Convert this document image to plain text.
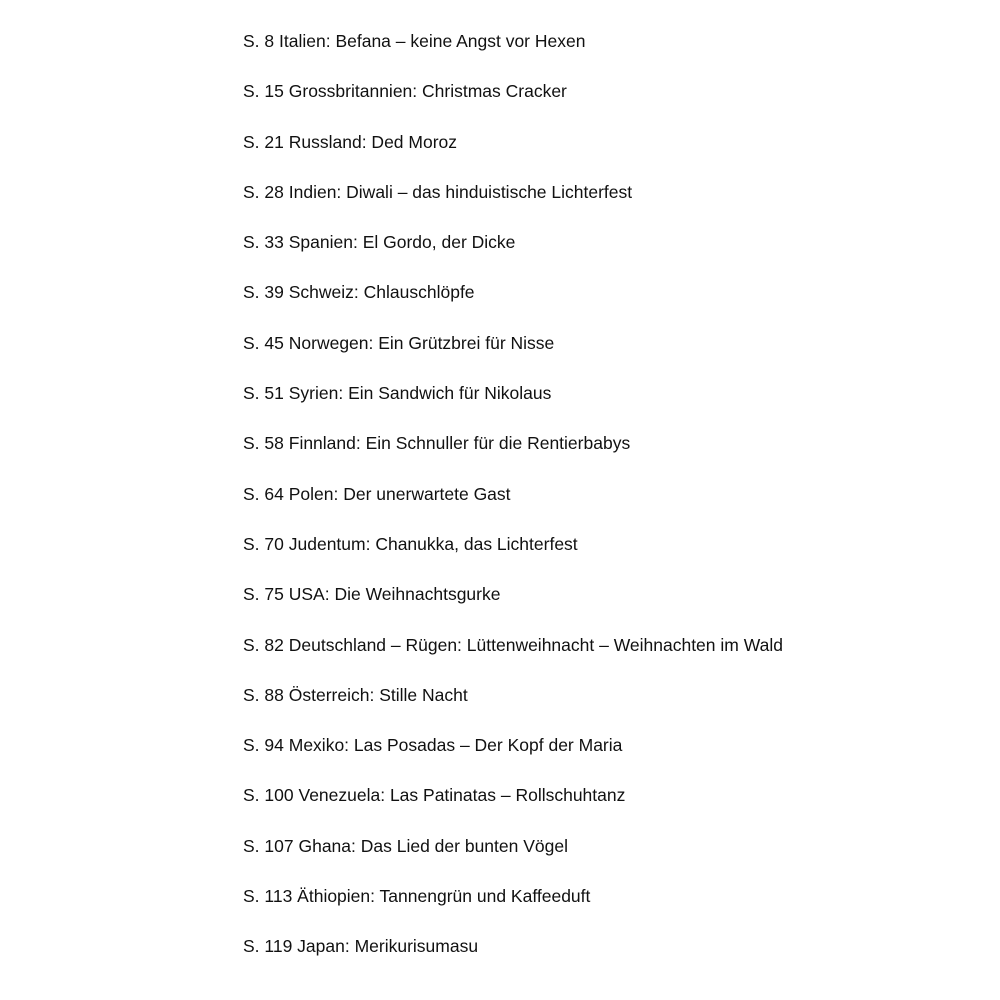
S. 8 Italien: Befana – keine Angst vor Hexen
S. 15 Grossbritannien: Christmas Cracker
S. 21 Russland: Ded Moroz
S. 28 Indien: Diwali – das hinduistische Lichterfest
S. 33 Spanien: El Gordo, der Dicke
S. 39 Schweiz: Chlauschlöpfe
S. 45 Norwegen: Ein Grützbrei für Nisse
S. 51 Syrien: Ein Sandwich für Nikolaus
S. 58 Finnland: Ein Schnuller für die Rentierbabys
S. 64 Polen: Der unerwartete Gast
S. 70 Judentum: Chanukka, das Lichterfest
S. 75 USA: Die Weihnachtsgurke
S. 82 Deutschland – Rügen: Lüttenweihnacht – Weihnachten im Wald
S. 88 Österreich: Stille Nacht
S. 94 Mexiko: Las Posadas – Der Kopf der Maria
S. 100 Venezuela: Las Patinatas – Rollschuhtanz
S. 107 Ghana: Das Lied der bunten Vögel
S. 113 Äthiopien: Tannengrün und Kaffeeduft
S. 119 Japan: Merikurisumasu
